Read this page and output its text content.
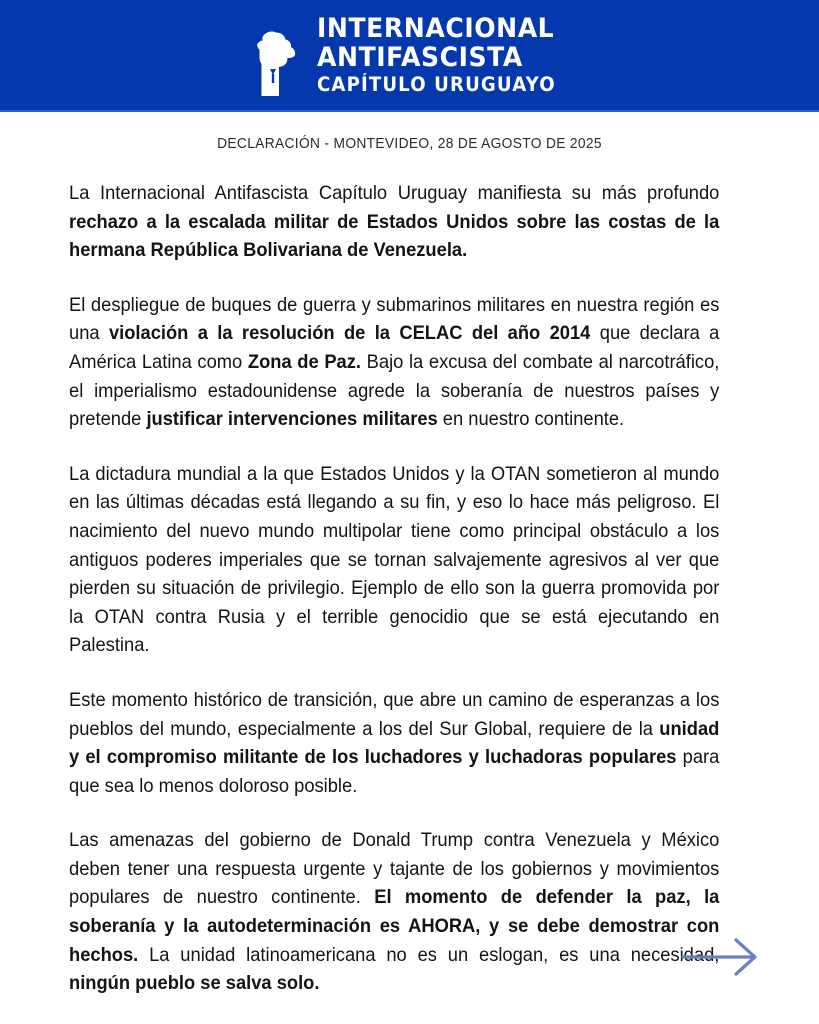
INTERNACIONAL
ANTIFASCISTA
CAPÍTULO URUGUAYO
DECLARACIÓN - MONTEVIDEO, 28 DE AGOSTO DE 2025

La Internacional Antifascista Capítulo Uruguay manifiesta su más profundo rechazo a la escalada militar de Estados Unidos sobre las costas de la hermana República Bolivariana de Venezuela.

El despliegue de buques de guerra y submarinos militares en nuestra región es una violación a la resolución de la CELAC del año 2014 que declara a América Latina como Zona de Paz. Bajo la excusa del combate al narcotráfico, el imperialismo estadounidense agrede la soberanía de nuestros países y pretende justificar intervenciones militares en nuestro continente.

La dictadura mundial a la que Estados Unidos y la OTAN sometieron al mundo en las últimas décadas está llegando a su fin, y eso lo hace más peligroso. El nacimiento del nuevo mundo multipolar tiene como principal obstáculo a los antiguos poderes imperiales que se tornan salvajemente agresivos al ver que pierden su situación de privilegio. Ejemplo de ello son la guerra promovida por la OTAN contra Rusia y el terrible genocidio que se está ejecutando en Palestina.

Este momento histórico de transición, que abre un camino de esperanzas a los pueblos del mundo, especialmente a los del Sur Global, requiere de la unidad y el compromiso militante de los luchadores y luchadoras populares para que sea lo menos doloroso posible.

Las amenazas del gobierno de Donald Trump contra Venezuela y México deben tener una respuesta urgente y tajante de los gobiernos y movimientos populares de nuestro continente. El momento de defender la paz, la soberanía y la autodeterminación es AHORA, y se debe demostrar con hechos. La unidad latinoamericana no es un eslogan, es una necesidad, ningún pueblo se salva solo.
